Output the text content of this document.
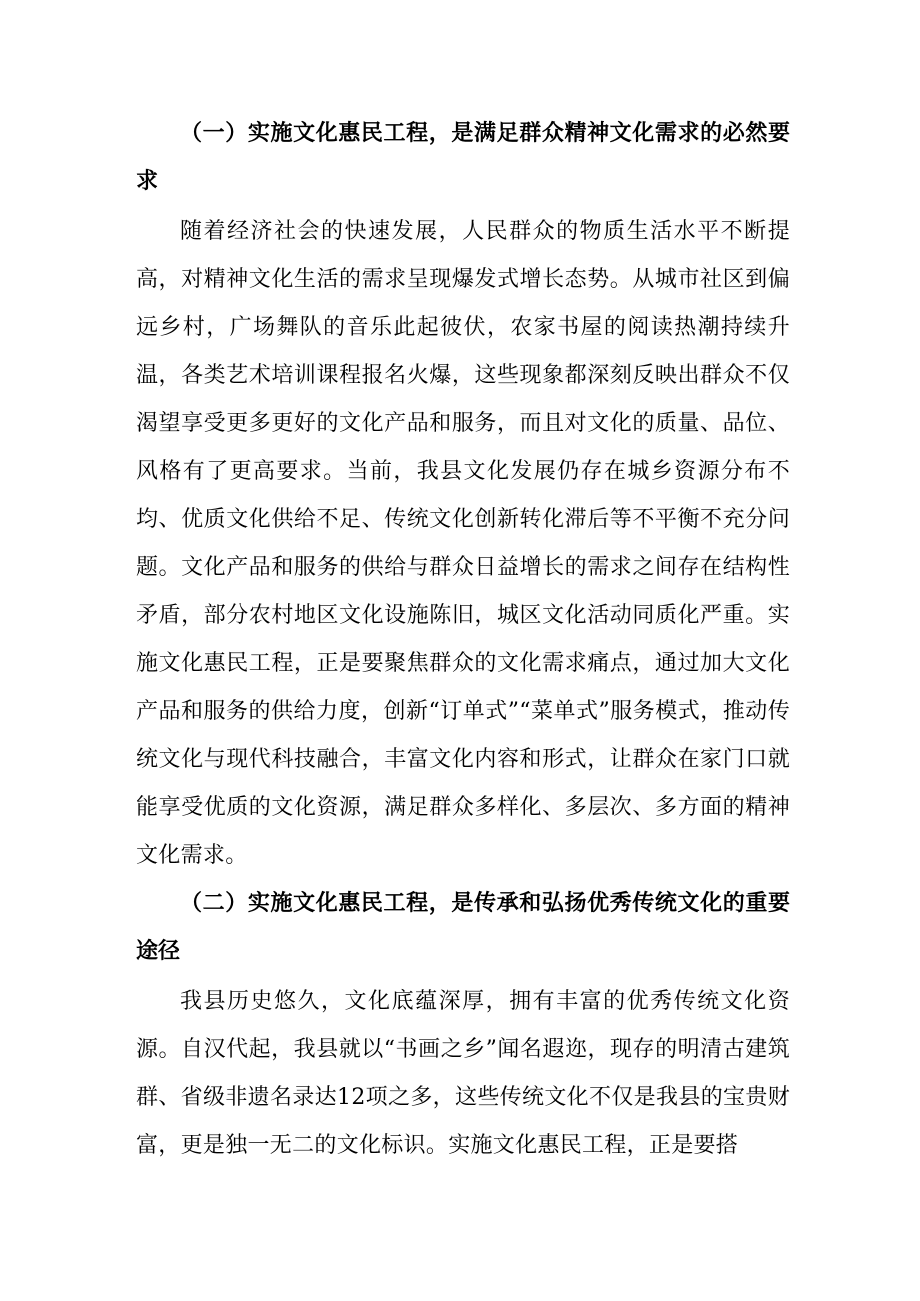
（一）实施文化惠民工程，是满足群众精神文化需求的必然要求

随着经济社会的快速发展，人民群众的物质生活水平不断提高，对精神文化生活的需求呈现爆发式增长态势。从城市社区到偏远乡村，广场舞队的音乐此起彼伏，农家书屋的阅读热潮持续升温，各类艺术培训课程报名火爆，这些现象都深刻反映出群众不仅渴望享受更多更好的文化产品和服务，而且对文化的质量、品位、风格有了更高要求。当前，我县文化发展仍存在城乡资源分布不均、优质文化供给不足、传统文化创新转化滞后等不平衡不充分问题。文化产品和服务的供给与群众日益增长的需求之间存在结构性矛盾，部分农村地区文化设施陈旧，城区文化活动同质化严重。实施文化惠民工程，正是要聚焦群众的文化需求痛点，通过加大文化产品和服务的供给力度，创新“订单式”“菜单式”服务模式，推动传统文化与现代科技融合，丰富文化内容和形式，让群众在家门口就能享受优质的文化资源，满足群众多样化、多层次、多方面的精神文化需求。

（二）实施文化惠民工程，是传承和弘扬优秀传统文化的重要途径

我县历史悠久，文化底蕴深厚，拥有丰富的优秀传统文化资源。自汉代起，我县就以“书画之乡”闻名遐迩，现存的明清古建筑群、省级非遗名录达12项之多，这些传统文化不仅是我县的宝贵财富，更是独一无二的文化标识。实施文化惠民工程，正是要搭
